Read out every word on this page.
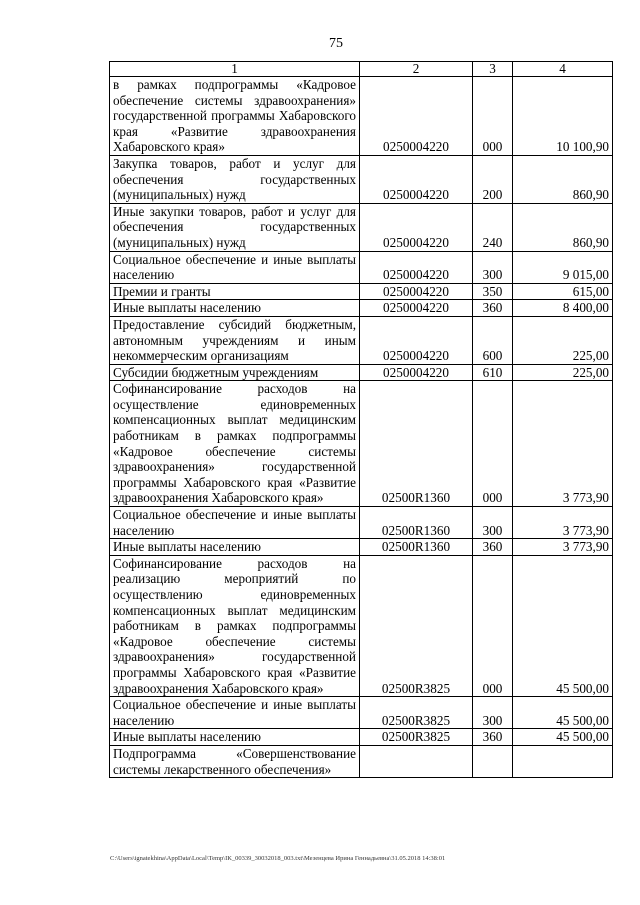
75
1	2	3	4
в рамках подпрограммы «Кадровое обеспечение системы здравоохранения» государственной программы Хабаровского края «Развитие здравоохранения Хабаровского края»	0250004220	000	10 100,90
Закупка товаров, работ и услуг для обеспечения государственных (муниципальных) нужд	0250004220	200	860,90
Иные закупки товаров, работ и услуг для обеспечения государственных (муниципальных) нужд	0250004220	240	860,90
Социальное обеспечение и иные выплаты населению	0250004220	300	9 015,00
Премии и гранты	0250004220	350	615,00
Иные выплаты населению	0250004220	360	8 400,00
Предоставление субсидий бюджетным, автономным учреждениям и иным некоммерческим организациям	0250004220	600	225,00
Субсидии бюджетным учреждениям	0250004220	610	225,00
Софинансирование расходов на осуществление единовременных компенсационных выплат медицинским работникам в рамках подпрограммы «Кадровое обеспечение системы здравоохранения» государственной программы Хабаровского края «Развитие здравоохранения Хабаровского края»	02500R1360	000	3 773,90
Социальное обеспечение и иные выплаты населению	02500R1360	300	3 773,90
Иные выплаты населению	02500R1360	360	3 773,90
Софинансирование расходов на реализацию мероприятий по осуществлению единовременных компенсационных выплат медицинским работникам в рамках подпрограммы «Кадровое обеспечение системы здравоохранения» государственной программы Хабаровского края «Развитие здравоохранения Хабаровского края»	02500R3825	000	45 500,00
Социальное обеспечение и иные выплаты населению	02500R3825	300	45 500,00
Иные выплаты населению	02500R3825	360	45 500,00
Подпрограмма «Совершенствование системы лекарственного обеспечения»			
C:\Users\ignatekhina\AppData\Local\Temp\IK_00339_30032018_003.txt\Мезенцева Ирина Геннадьевна\31.05.2018 14:38:01
